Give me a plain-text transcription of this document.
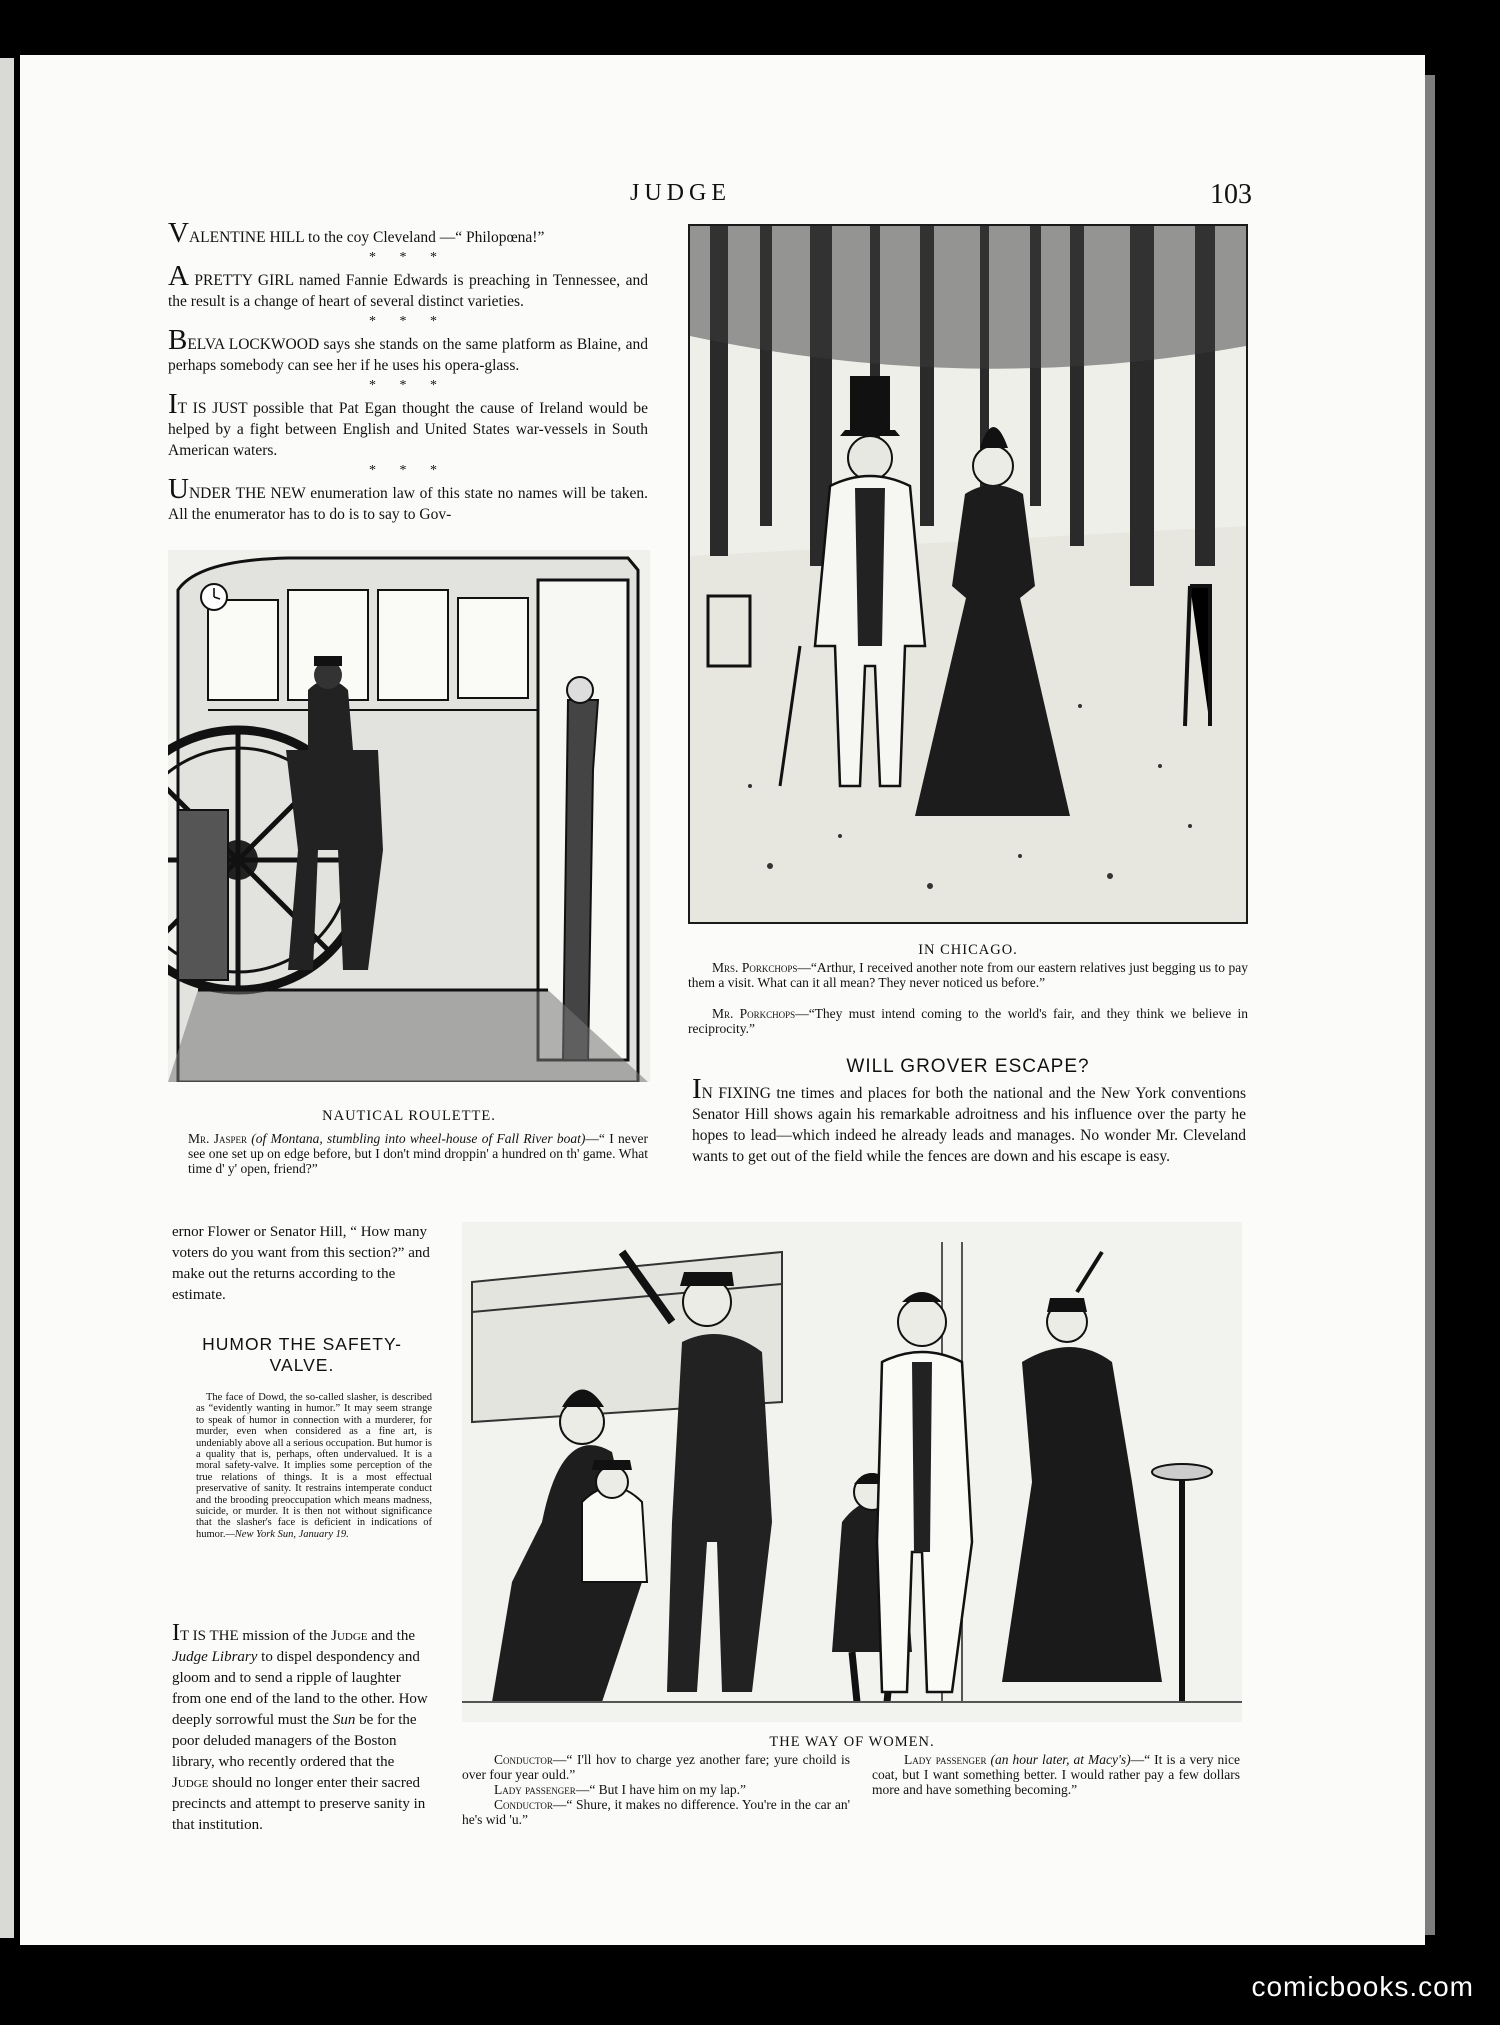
JUDGE	103

VALENTINE HILL to the coy Cleveland —“ Philopœna!”

* * *

A PRETTY GIRL named Fannie Edwards is preaching in Tennessee, and the result is a change of heart of several distinct varieties.

* * *

BELVA LOCKWOOD says she stands on the same platform as Blaine, and perhaps somebody can see her if he uses his opera-glass.

* * *

IT IS JUST possible that Pat Egan thought the cause of Ireland would be helped by a fight between English and United States war-vessels in South American waters.

* * *

UNDER THE NEW enumeration law of this state no names will be taken. All the enumerator has to do is to say to Gov-

NAUTICAL ROULETTE.
Mr. Jasper (of Montana, stumbling into wheel-house of Fall River boat)—“ I never see one set up on edge before, but I don't mind droppin' a hundred on th' game. What time d' y' open, friend?”
IN CHICAGO.
Mrs. Porkchops—“Arthur, I received another note from our eastern relatives just begging us to pay them a visit. What can it all mean? They never noticed us before.”
Mr. Porkchops—“They must intend coming to the world's fair, and they think we believe in reciprocity.”
WILL GROVER ESCAPE?
IN FIXING tne times and places for both the national and the New York conventions Senator Hill shows again his remarkable adroitness and his influence over the party he hopes to lead—which indeed he already leads and manages. No wonder Mr. Cleveland wants to get out of the field while the fences are down and his escape is easy.
ernor Flower or Senator Hill, “ How many voters do you want from this section?” and make out the returns according to the estimate.
HUMOR THE SAFETY-
VALVE.
The face of Dowd, the so-called slasher, is described as “evidently wanting in humor.” It may seem strange to speak of humor in connection with a murderer, for murder, even when considered as a fine art, is undeniably above all a serious occupation. But humor is a quality that is, perhaps, often undervalued. It is a moral safety-valve. It implies some perception of the true relations of things. It is a most effectual preservative of sanity. It restrains intemperate conduct and the brooding preoccupation which means madness, suicide, or murder. It is then not without significance that the slasher's face is deficient in indications of humor.—New York Sun, January 19.
IT IS THE mission of the Judge and the Judge Library to dispel despondency and gloom and to send a ripple of laughter from one end of the land to the other. How deeply sorrowful must the Sun be for the poor deluded managers of the Boston library, who recently ordered that the Judge should no longer enter their sacred precincts and attempt to preserve sanity in that institution.
THE WAY OF WOMEN.
Conductor—“ I'll hov to charge yez another fare; yure choild is over four year ould.”
Lady passenger—“ But I have him on my lap.”
Conductor—“ Shure, it makes no difference. You're in the car an' he's wid 'u.”
Lady passenger (an hour later, at Macy's)—“ It is a very nice coat, but I want something better. I would rather pay a few dollars more and have something becoming.”
comicbooks.com
